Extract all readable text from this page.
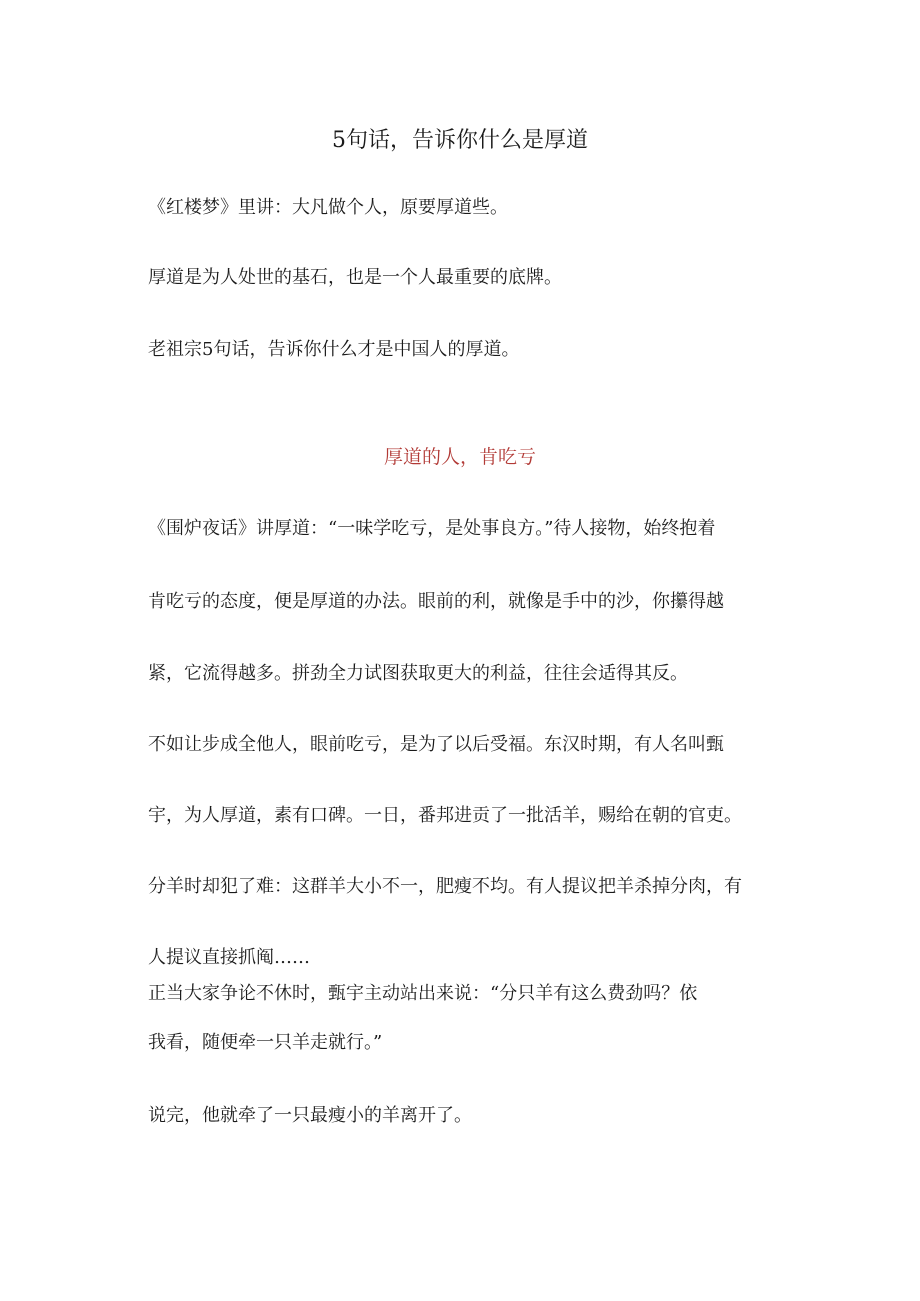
5句话，告诉你什么是厚道
《红楼梦》里讲：大凡做个人，原要厚道些。
厚道是为人处世的基石，也是一个人最重要的底牌。
老祖宗5句话，告诉你什么才是中国人的厚道。
厚道的人，肯吃亏
《围炉夜话》讲厚道：“一味学吃亏，是处事良方。”待人接物，始终抱着
肯吃亏的态度，便是厚道的办法。眼前的利，就像是手中的沙，你攥得越
紧，它流得越多。拼劲全力试图获取更大的利益，往往会适得其反。
不如让步成全他人，眼前吃亏，是为了以后受福。东汉时期，有人名叫甄
宇，为人厚道，素有口碑。一日，番邦进贡了一批活羊，赐给在朝的官吏。
分羊时却犯了难：这群羊大小不一，肥瘦不均。有人提议把羊杀掉分肉，有
人提议直接抓阄……
正当大家争论不休时，甄宇主动站出来说：“分只羊有这么费劲吗？依
我看，随便牵一只羊走就行。”
说完，他就牵了一只最瘦小的羊离开了。
